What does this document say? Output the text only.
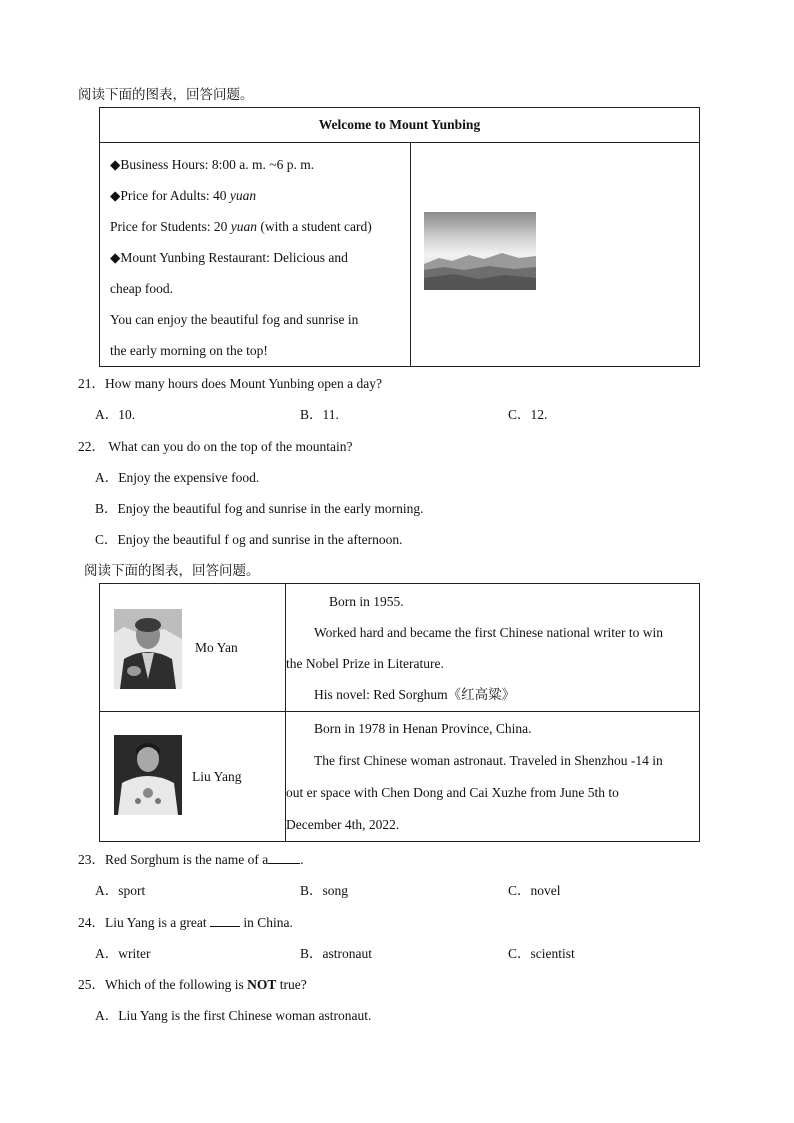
阅读下面的图表，回答问题。
Welcome to Mount Yunbing

◆Business Hours: 8:00 a. m. ~6 p. m.
◆Price for Adults: 40 yuan
Price for Students: 20 yuan (with a student card)
◆Mount Yunbing Restaurant: Delicious and
cheap food.
You can enjoy the beautiful fog and sunrise in
the early morning on the top!

21．How many hours does Mount Yunbing open a day?
A．10.	B．11.	C．12.
22． What can you do on the top of the mountain?
A．Enjoy the expensive food.
B．Enjoy the beautiful fog and sunrise in the early morning.
C．Enjoy the beautiful f og and sunrise in the afternoon.
阅读下面的图表，回答问题。
Mo Yan	Born in 1955.
Worked hard and became the first Chinese national writer to win
the Nobel Prize in Literature.
His novel: Red Sorghum《红高粱》

Liu Yang	Born in 1978 in Henan Province, China.
The first Chinese woman astronaut. Traveled in Shenzhou -14 in
out er space with Chen Dong and Cai Xuzhe from June 5th to
December 4th, 2022.
23．Red Sorghum is the name of a .
A．sport	B．song	C．novel
24．Liu Yang is a great  in China.
A．writer	B．astronaut	C．scientist
25．Which of the following is NOT true?
A．Liu Yang is the first Chinese woman astronaut.
